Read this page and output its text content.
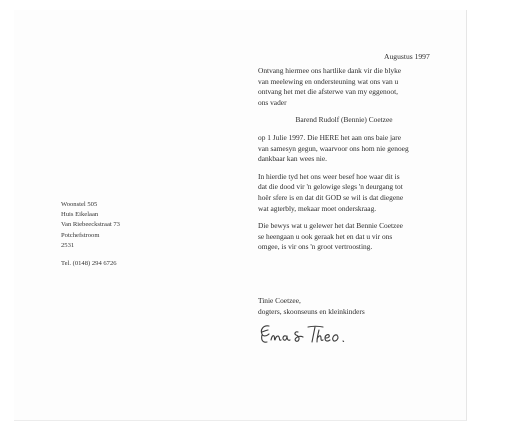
Augustus 1997

Ontvang hiermee ons hartlike dank vir die blyke
van meelewing en ondersteuning wat ons van u
ontvang het met die afsterwe van my eggenoot,
ons vader

Barend Rudolf (Bennie) Coetzee

op 1 Julie 1997. Die HERE het aan ons baie jare
van samesyn gegun, waarvoor ons hom nie genoeg
dankbaar kan wees nie.

In hierdie tyd het ons weer besef hoe waar dit is
dat die dood vir 'n gelowige slegs 'n deurgang tot
hoër sfere is en dat dit GOD se wil is dat diegene
wat agterbly, mekaar moet onderskraag.

Die bewys wat u gelewer het dat Bennie Coetzee
se heengaan u ook geraak het en dat u vir ons
omgee, is vir ons 'n groot vertroosting.

Tinie Coetzee,
dogters, skoonseuns en kleinkinders
Woonstel 505
Huis Eikelaan
Van Riebeeckstraat 73
Potchefstroom
2531
Tel. (0148) 294 6726
